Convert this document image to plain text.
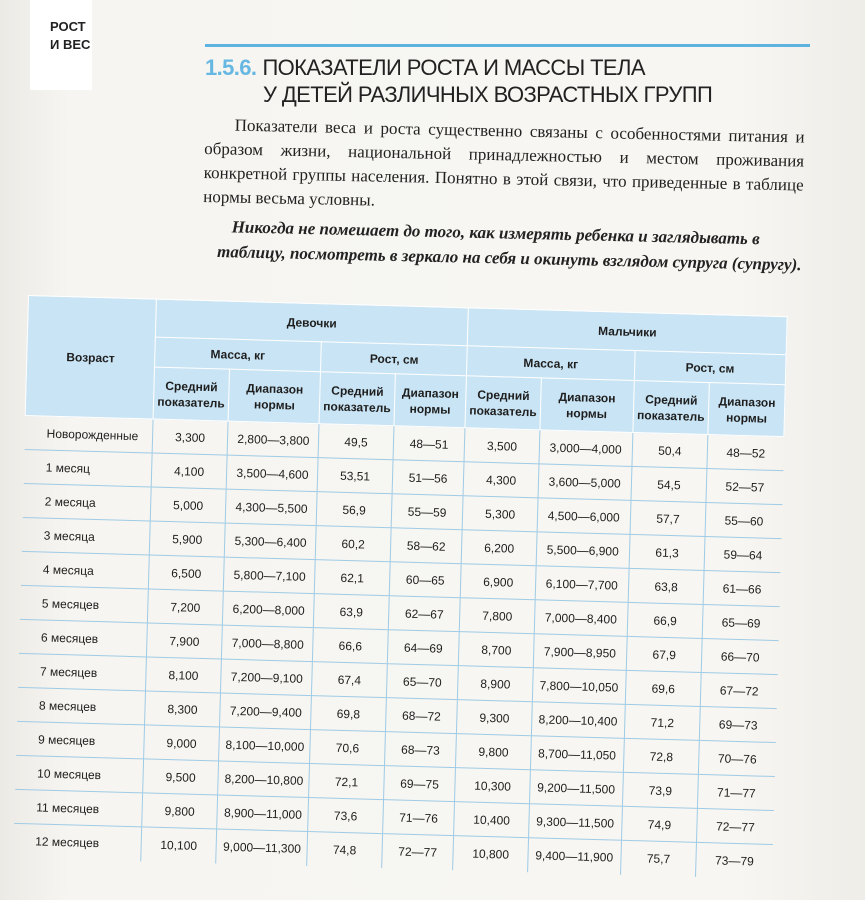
РОСТ
И ВЕС
1.5.6. ПОКАЗАТЕЛИ РОСТА И МАССЫ ТЕЛА
У ДЕТЕЙ РАЗЛИЧНЫХ ВОЗРАСТНЫХ ГРУПП

Показатели веса и роста существенно связаны с особенностями питания и образом жизни, национальной принадлежностью и местом проживания конкретной группы населения. Понятно в этой связи, что приведенные в таблице нормы весьма условны.

Никогда не помешает до того, как измерять ребенка и заглядывать в таблицу, посмотреть в зеркало на себя и окинуть взглядом супруга (супругу).

Возраст	Девочки				Мальчики			
	Масса, кг		Рост, см		Масса, кг		Рост, см	
	Средний показатель	Диапазон нормы	Средний показатель	Диапазон нормы	Средний показатель	Диапазон нормы	Средний показатель	Диапазон нормы
Новорожденные	3,300	2,800—3,800	49,5	48—51	3,500	3,000—4,000	50,4	48—52
1 месяц	4,100	3,500—4,600	53,51	51—56	4,300	3,600—5,000	54,5	52—57
2 месяца	5,000	4,300—5,500	56,9	55—59	5,300	4,500—6,000	57,7	55—60
3 месяца	5,900	5,300—6,400	60,2	58—62	6,200	5,500—6,900	61,3	59—64
4 месяца	6,500	5,800—7,100	62,1	60—65	6,900	6,100—7,700	63,8	61—66
5 месяцев	7,200	6,200—8,000	63,9	62—67	7,800	7,000—8,400	66,9	65—69
6 месяцев	7,900	7,000—8,800	66,6	64—69	8,700	7,900—8,950	67,9	66—70
7 месяцев	8,100	7,200—9,100	67,4	65—70	8,900	7,800—10,050	69,6	67—72
8 месяцев	8,300	7,200—9,400	69,8	68—72	9,300	8,200—10,400	71,2	69—73
9 месяцев	9,000	8,100—10,000	70,6	68—73	9,800	8,700—11,050	72,8	70—76
10 месяцев	9,500	8,200—10,800	72,1	69—75	10,300	9,200—11,500	73,9	71—77
11 месяцев	9,800	8,900—11,000	73,6	71—76	10,400	9,300—11,500	74,9	72—77
12 месяцев	10,100	9,000—11,300	74,8	72—77	10,800	9,400—11,900	75,7	73—79
